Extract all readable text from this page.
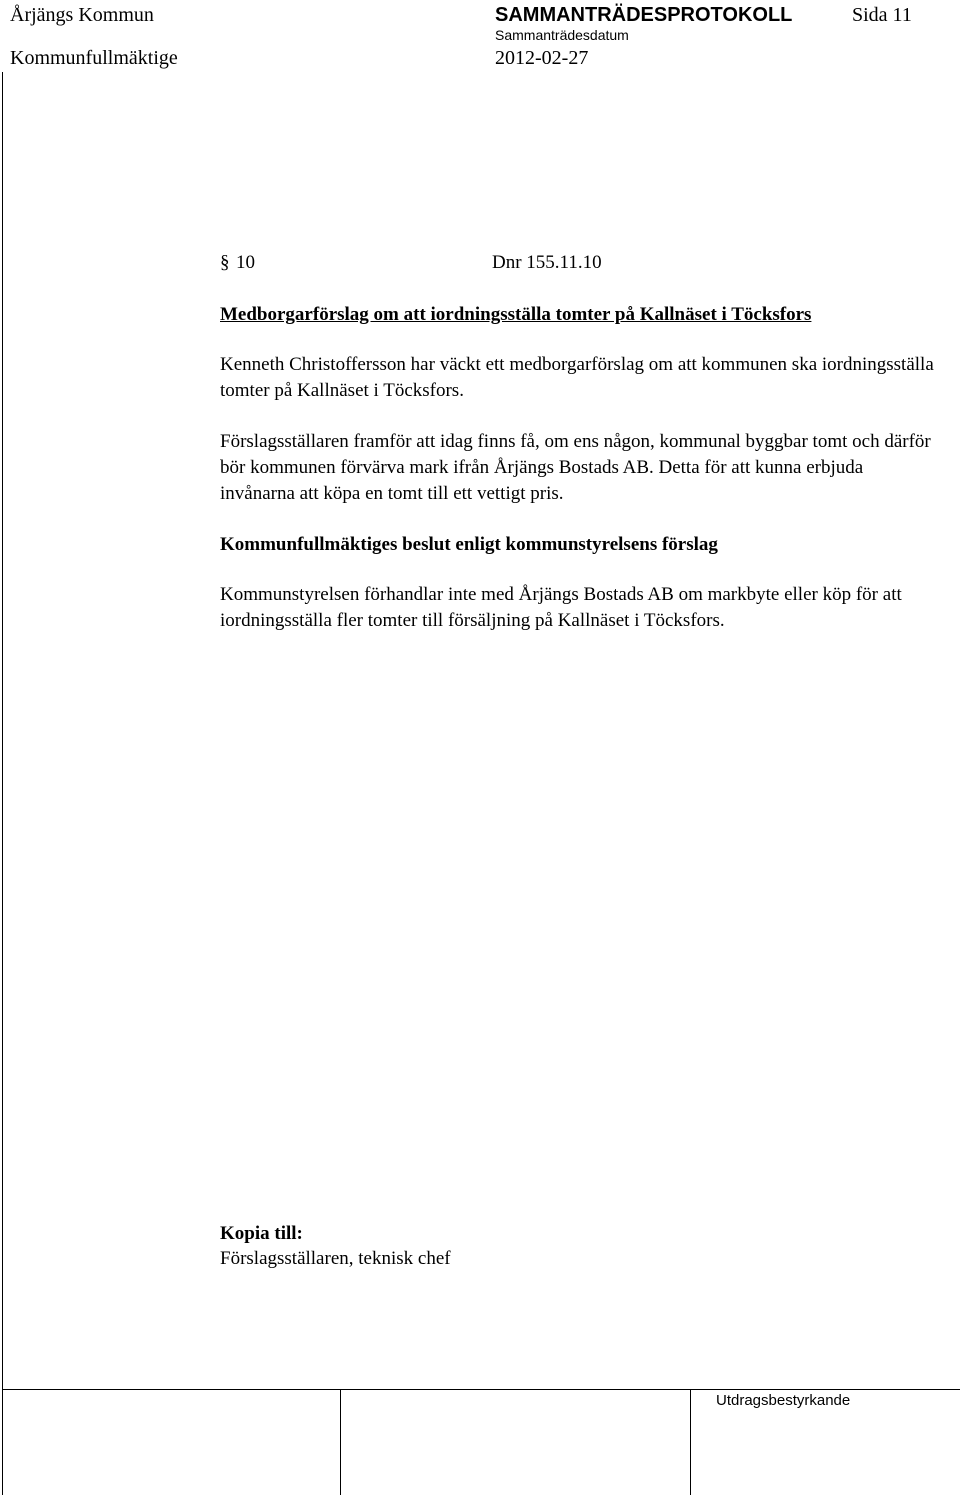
Årjängs Kommun	SAMMANTRÄDESPROTOKOLL	Sida 11
Sammanträdesdatum
Kommunfullmäktige	2012-02-27
§ 10	Dnr 155.11.10
Medborgarförslag om att iordningsställa tomter på Kallnäset i Töcksfors
Kenneth Christoffersson har väckt ett medborgarförslag om att kommunen ska iordningsställa tomter på Kallnäset i Töcksfors.
Förslagsställaren framför att idag finns få, om ens någon, kommunal byggbar tomt och därför bör kommunen förvärva mark ifrån Årjängs Bostads AB. Detta för att kunna erbjuda invånarna att köpa en tomt till ett vettigt pris.
Kommunfullmäktiges beslut enligt kommunstyrelsens förslag
Kommunstyrelsen förhandlar inte med Årjängs Bostads AB om markbyte eller köp för att iordningsställa fler tomter till försäljning på Kallnäset i Töcksfors.
Kopia till:
Förslagsställaren, teknisk chef
Utdragsbestyrkande
